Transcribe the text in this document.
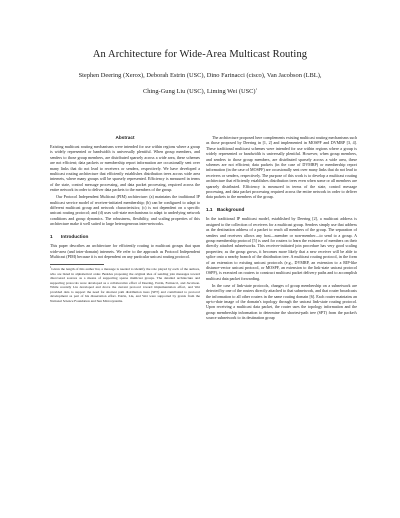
An Architecture for Wide-Area Multicast Routing
Stephen Deering (Xerox), Deborah Estrin (USC), Dino Farinacci (cisco), Van Jacobson (LBL),
Ching-Gung Liu (USC), Liming Wei (USC)$^1$
Abstract

Existing multicast routing mechanisms were intended for use within regions where a group is widely represented or bandwidth is universally plentiful. When group members, and senders to those group members, are distributed sparsely across a wide area, these schemes are not efficient; data packets or membership report information are occasionally sent over many links that do not lead to receivers or senders, respectively. We have developed a multicast routing architecture that efficiently establishes distribution trees across wide area internets, where many groups will be sparsely represented. Efficiency is measured in terms of the state, control message processing, and data packet processing, required across the entire network in order to deliver data packets to the members of the group.

Our Protocol Independent Multicast (PIM) architecture: (a) maintains the traditional IP multicast service model of receiver-initiated membership; (b) can be configured to adapt to different multicast group and network characteristics; (c) is not dependent on a specific unicast routing protocol; and (d) uses soft-state mechanisms to adapt to underlying network conditions and group dynamics. The robustness, flexibility, and scaling properties of this architecture make it well suited to large heterogeneous inter-networks.

1 Introduction

This paper describes an architecture for efficiently routing to multicast groups that span wide-area (and inter-domain) internets. We refer to the approach as Protocol Independent Multicast (PIM) because it is not dependent on any particular unicast routing protocol.

$^1$Given the length of this author list, a message is needed to identify the role played by each of the authors, who are listed in alphabetical order. Besides proposing the original idea of sending join messages toward discovered sources as a means of supporting sparse multicast groups. The detailed architecture and supporting protocols were developed as a collaborative effort of Deering, Estrin, Farinacci, and Jacobson. While recently Liu developed and drove the current protocol toward implementation effort, and Wei provided data to support the need for shortest path distribution trees (SPT) and contributed to protocol development as part of his dissertation effort. Estrin, Liu, and Wei were supported by grants from the National Science Foundation and Sun Microsystems.

The architecture proposed here complements existing multicast routing mechanisms such as those proposed by Deering in [1, 2] and implemented in MOSPF and DVMRP [3, 4]. These traditional multicast schemes were intended for use within regions where a group is widely represented or bandwidth is universally plentiful. However, when group members, and senders to those group members, are distributed sparsely across a wide area, these schemes are not efficient; data packets (in the case of DVMRP) or membership report information (in the case of MOSPF) are occasionally sent over many links that do not lead to receivers or senders, respectively. The purpose of this work is to develop a multicast routing architecture that efficiently establishes distribution trees even when some or all members are sparsely distributed. Efficiency is measured in terms of the state, control message processing, and data packet processing required across the entire network in order to deliver data packets to the members of the group.

1.1 Background

In the traditional IP multicast model, established by Deering [2], a multicast address is assigned to the collection of receivers for a multicast group. Senders simply use that address as the destination address of a packet to reach all members of the group. The separation of senders and receivers allows any host—member or non-member—to send to a group. A group membership protocol [5] is used for routers to learn the existence of members on their directly attached subnetworks. This receiver-initiated join procedure has very good scaling properties; as the group grows, it becomes more likely that a new receiver will be able to splice onto a nearby branch of the distribution tree. A multicast routing protocol, in the form of an extension to existing unicast protocols (e.g., DVMRP, an extension to a RIP-like distance-vector unicast protocol, or MOSPF, an extension to the link-state unicast protocol OSPF), is executed on routers to construct multicast packet delivery paths and to accomplish multicast data packet forwarding.

In the case of link-state protocols, changes of group membership on a subnetwork are detected by one of the routers directly attached to that subnetwork, and that router broadcasts the information to all other routers in the same routing domain [6]. Each router maintains an up-to-date image of the domain's topology through the unicast link-state routing protocol. Upon receiving a multicast data packet, the router uses the topology information and the group membership information to determine the shortest-path tree (SPT) from the packet's source subnetwork to its destination group
